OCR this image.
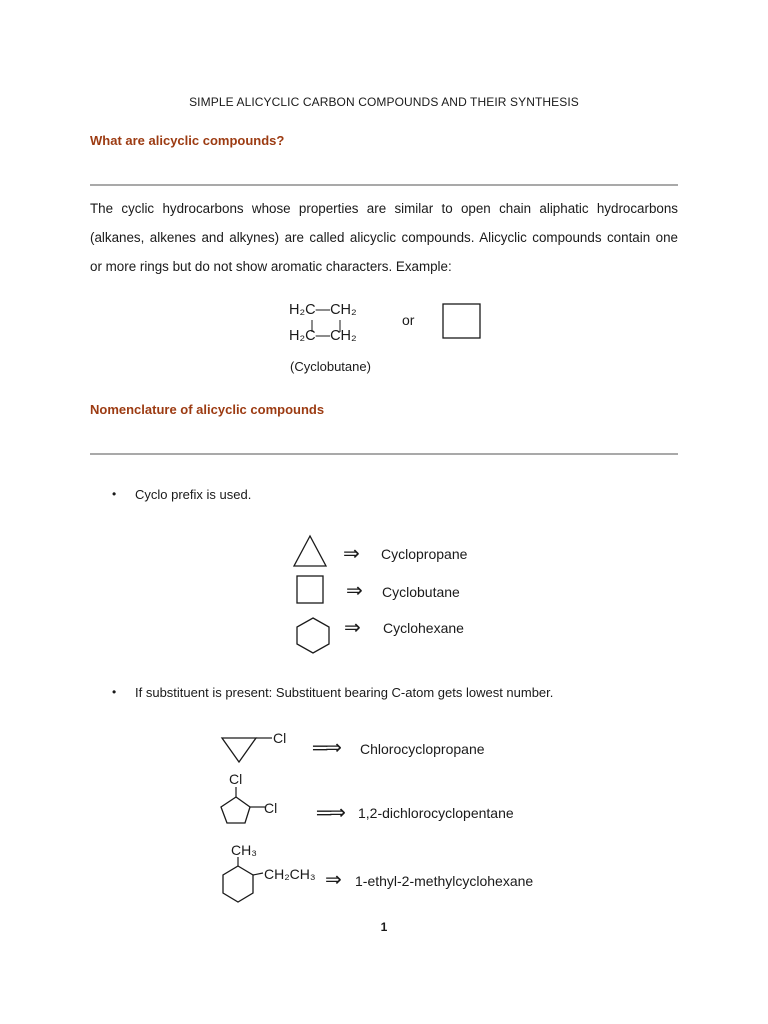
SIMPLE ALICYCLIC CARBON COMPOUNDS AND THEIR SYNTHESIS
What are alicyclic compounds?
The cyclic hydrocarbons whose properties are similar to open chain aliphatic hydrocarbons
(alkanes, alkenes and alkynes) are called alicyclic compounds. Alicyclic compounds contain one
or more rings but do not show aromatic characters. Example:
H₂C—CH₂
H₂C—CH₂
or
(Cyclobutane)
Nomenclature of alicyclic compounds
• Cyclo prefix is used.
⇒
⇒
⇒
Cyclopropane
Cyclobutane
Cyclohexane
• If substituent is present: Substituent bearing C-atom gets lowest number.
Cl ═⇒ Chlorocyclopropane
Cl
Cl ═⇒ 1,2-dichlorocyclopentane
CH₃
CH₂CH₃ ⇒ 1-ethyl-2-methylcyclohexane
1
